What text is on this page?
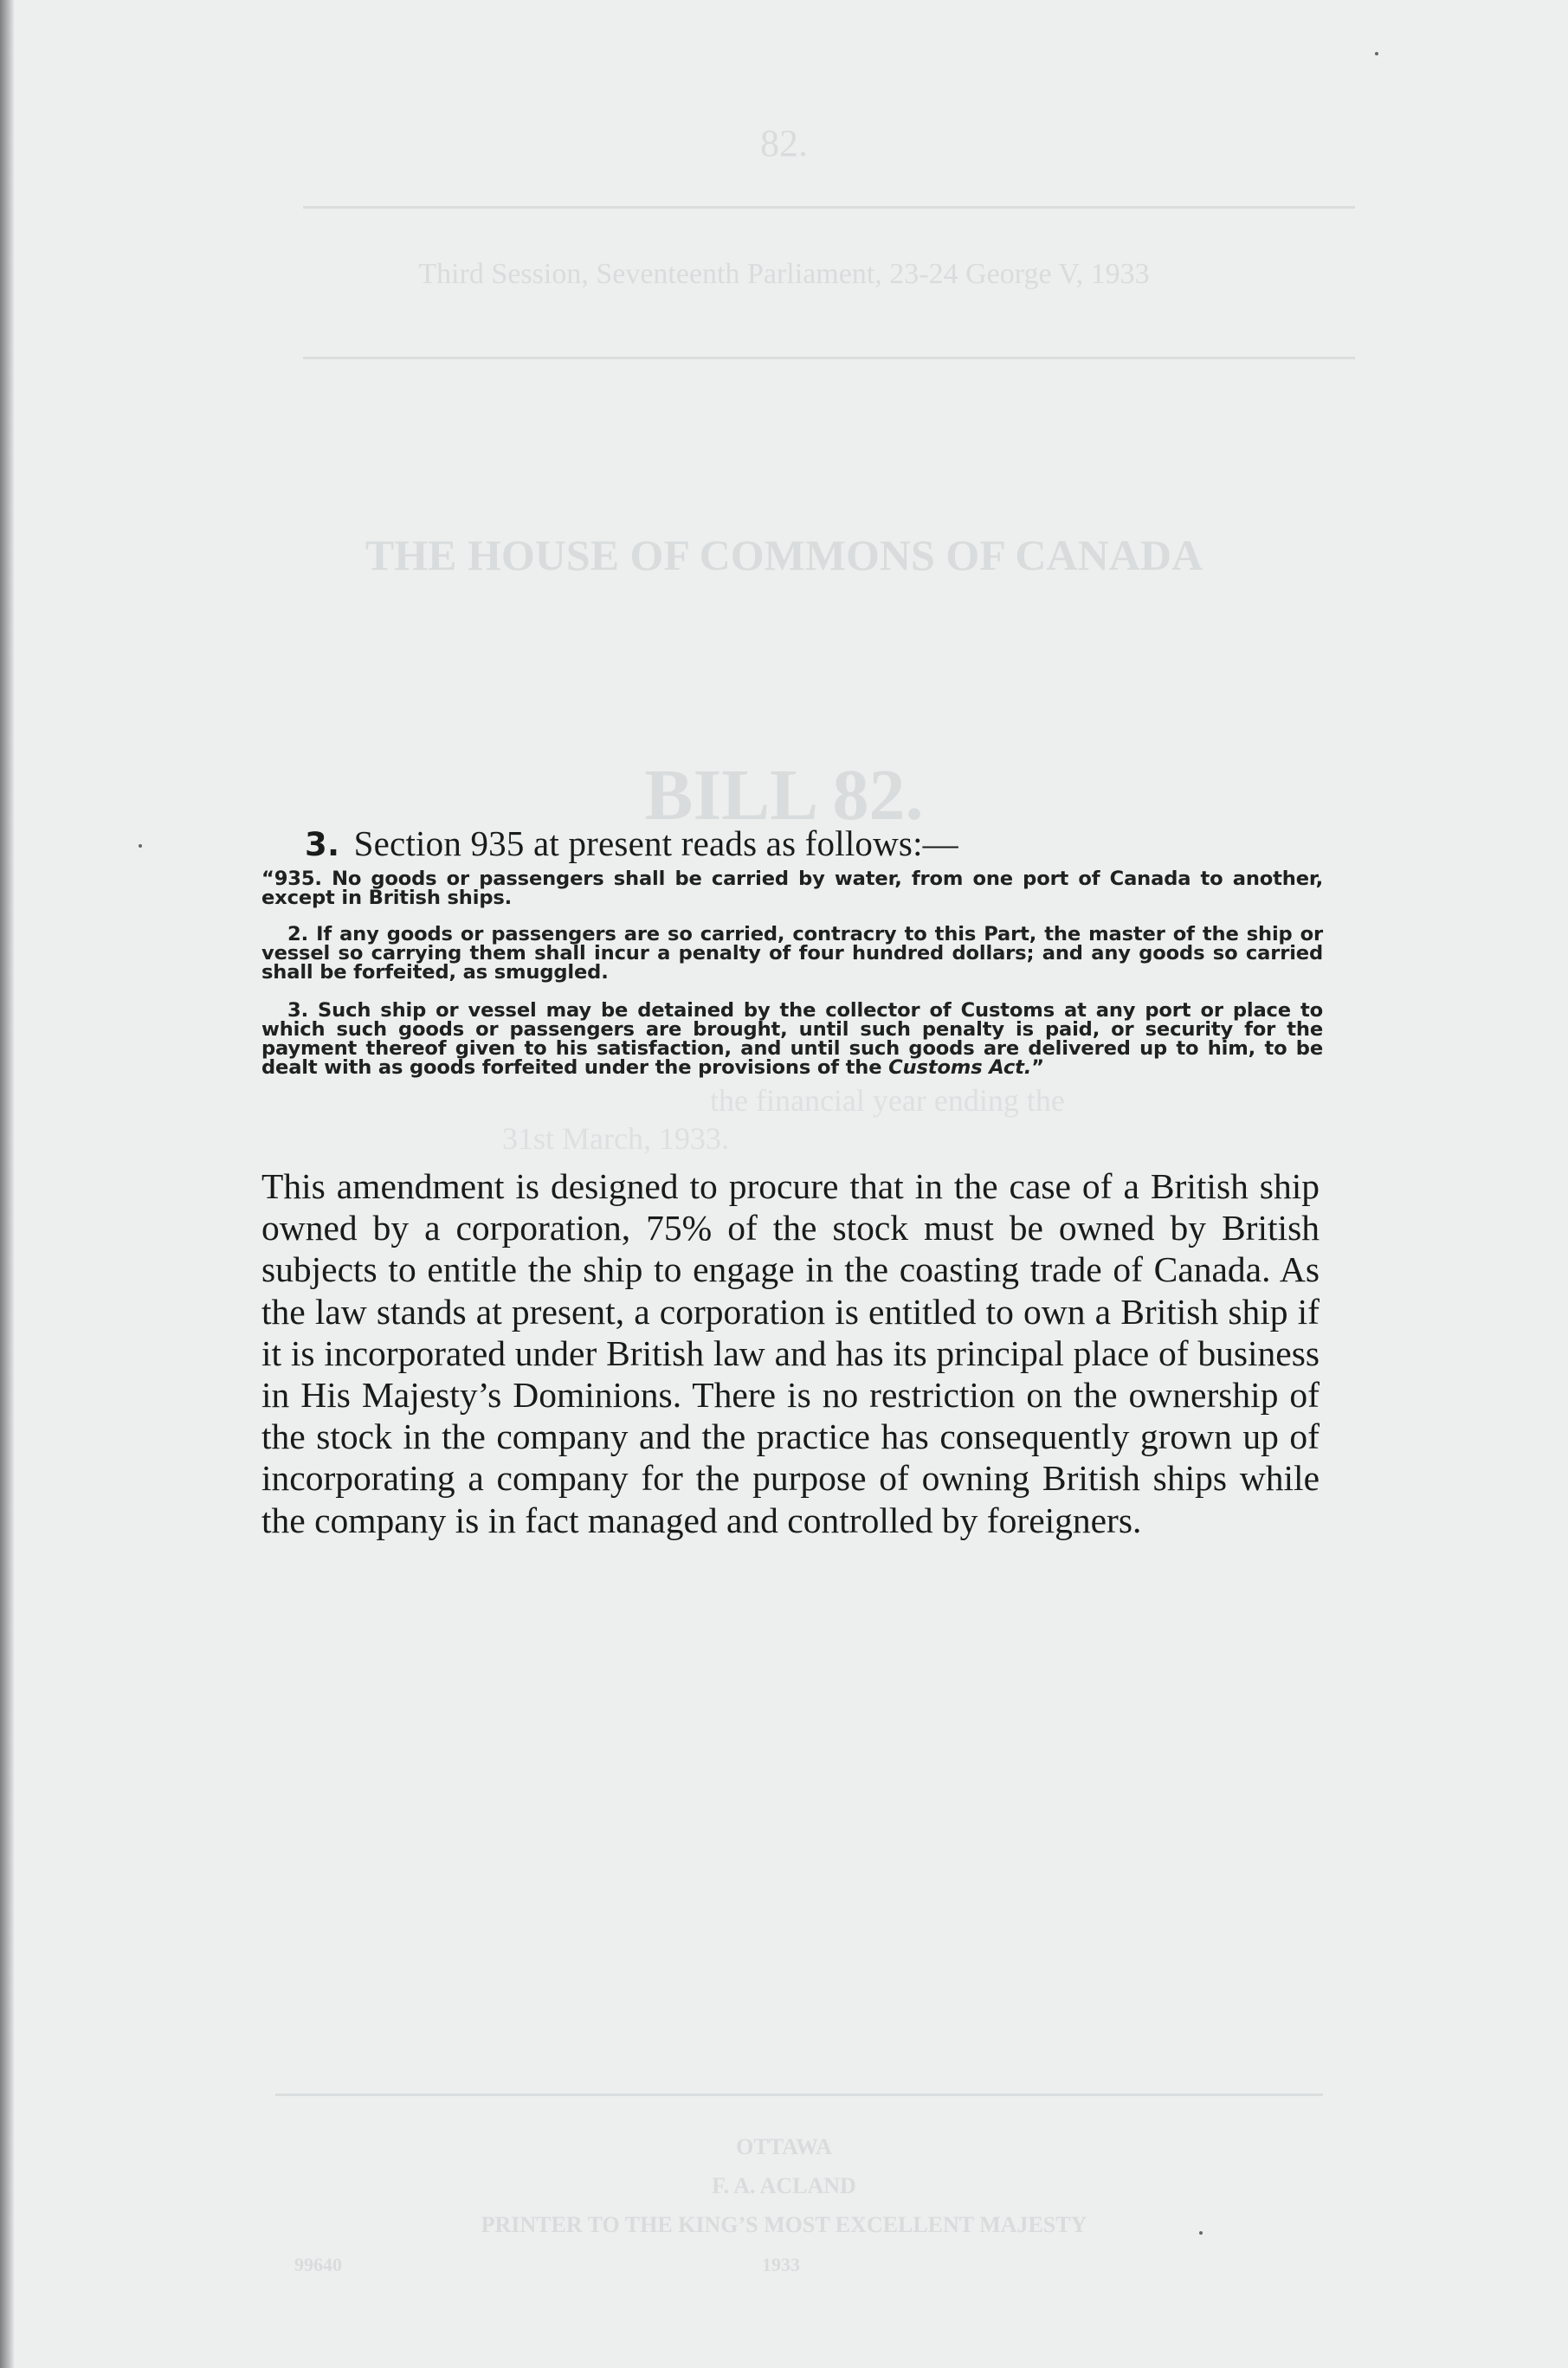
82.
Third Session, Seventeenth Parliament, 23-24 George V, 1933
THE HOUSE OF COMMONS OF CANADA
BILL 82.
the financial year ending the
31st March, 1933.
OTTAWA
F. A. ACLAND
PRINTER TO THE KING’S MOST EXCELLENT MAJESTY
99640	1933
3. Section 935 at present reads as follows:—

“935. No goods or passengers shall be carried by water, from one port of Canada to another, except in British ships.

2. If any goods or passengers are so carried, contracry to this Part, the master of the ship or vessel so carrying them shall incur a penalty of four hundred dollars; and any goods so carried shall be forfeited, as smuggled.

3. Such ship or vessel may be detained by the collector of Customs at any port or place to which such goods or passengers are brought, until such penalty is paid, or security for the payment thereof given to his satisfaction, and until such goods are delivered up to him, to be dealt with as goods forfeited under the provisions of the Customs Act.”

This amendment is designed to procure that in the case of a British ship owned by a corporation, 75% of the stock must be owned by British subjects to entitle the ship to engage in the coasting trade of Canada. As the law stands at present, a corporation is entitled to own a British ship if it is incorporated under British law and has its principal place of business in His Majesty’s Dominions. There is no restriction on the ownership of the stock in the company and the practice has consequently grown up of incorporating a company for the purpose of owning British ships while the company is in fact managed and controlled by foreigners.
